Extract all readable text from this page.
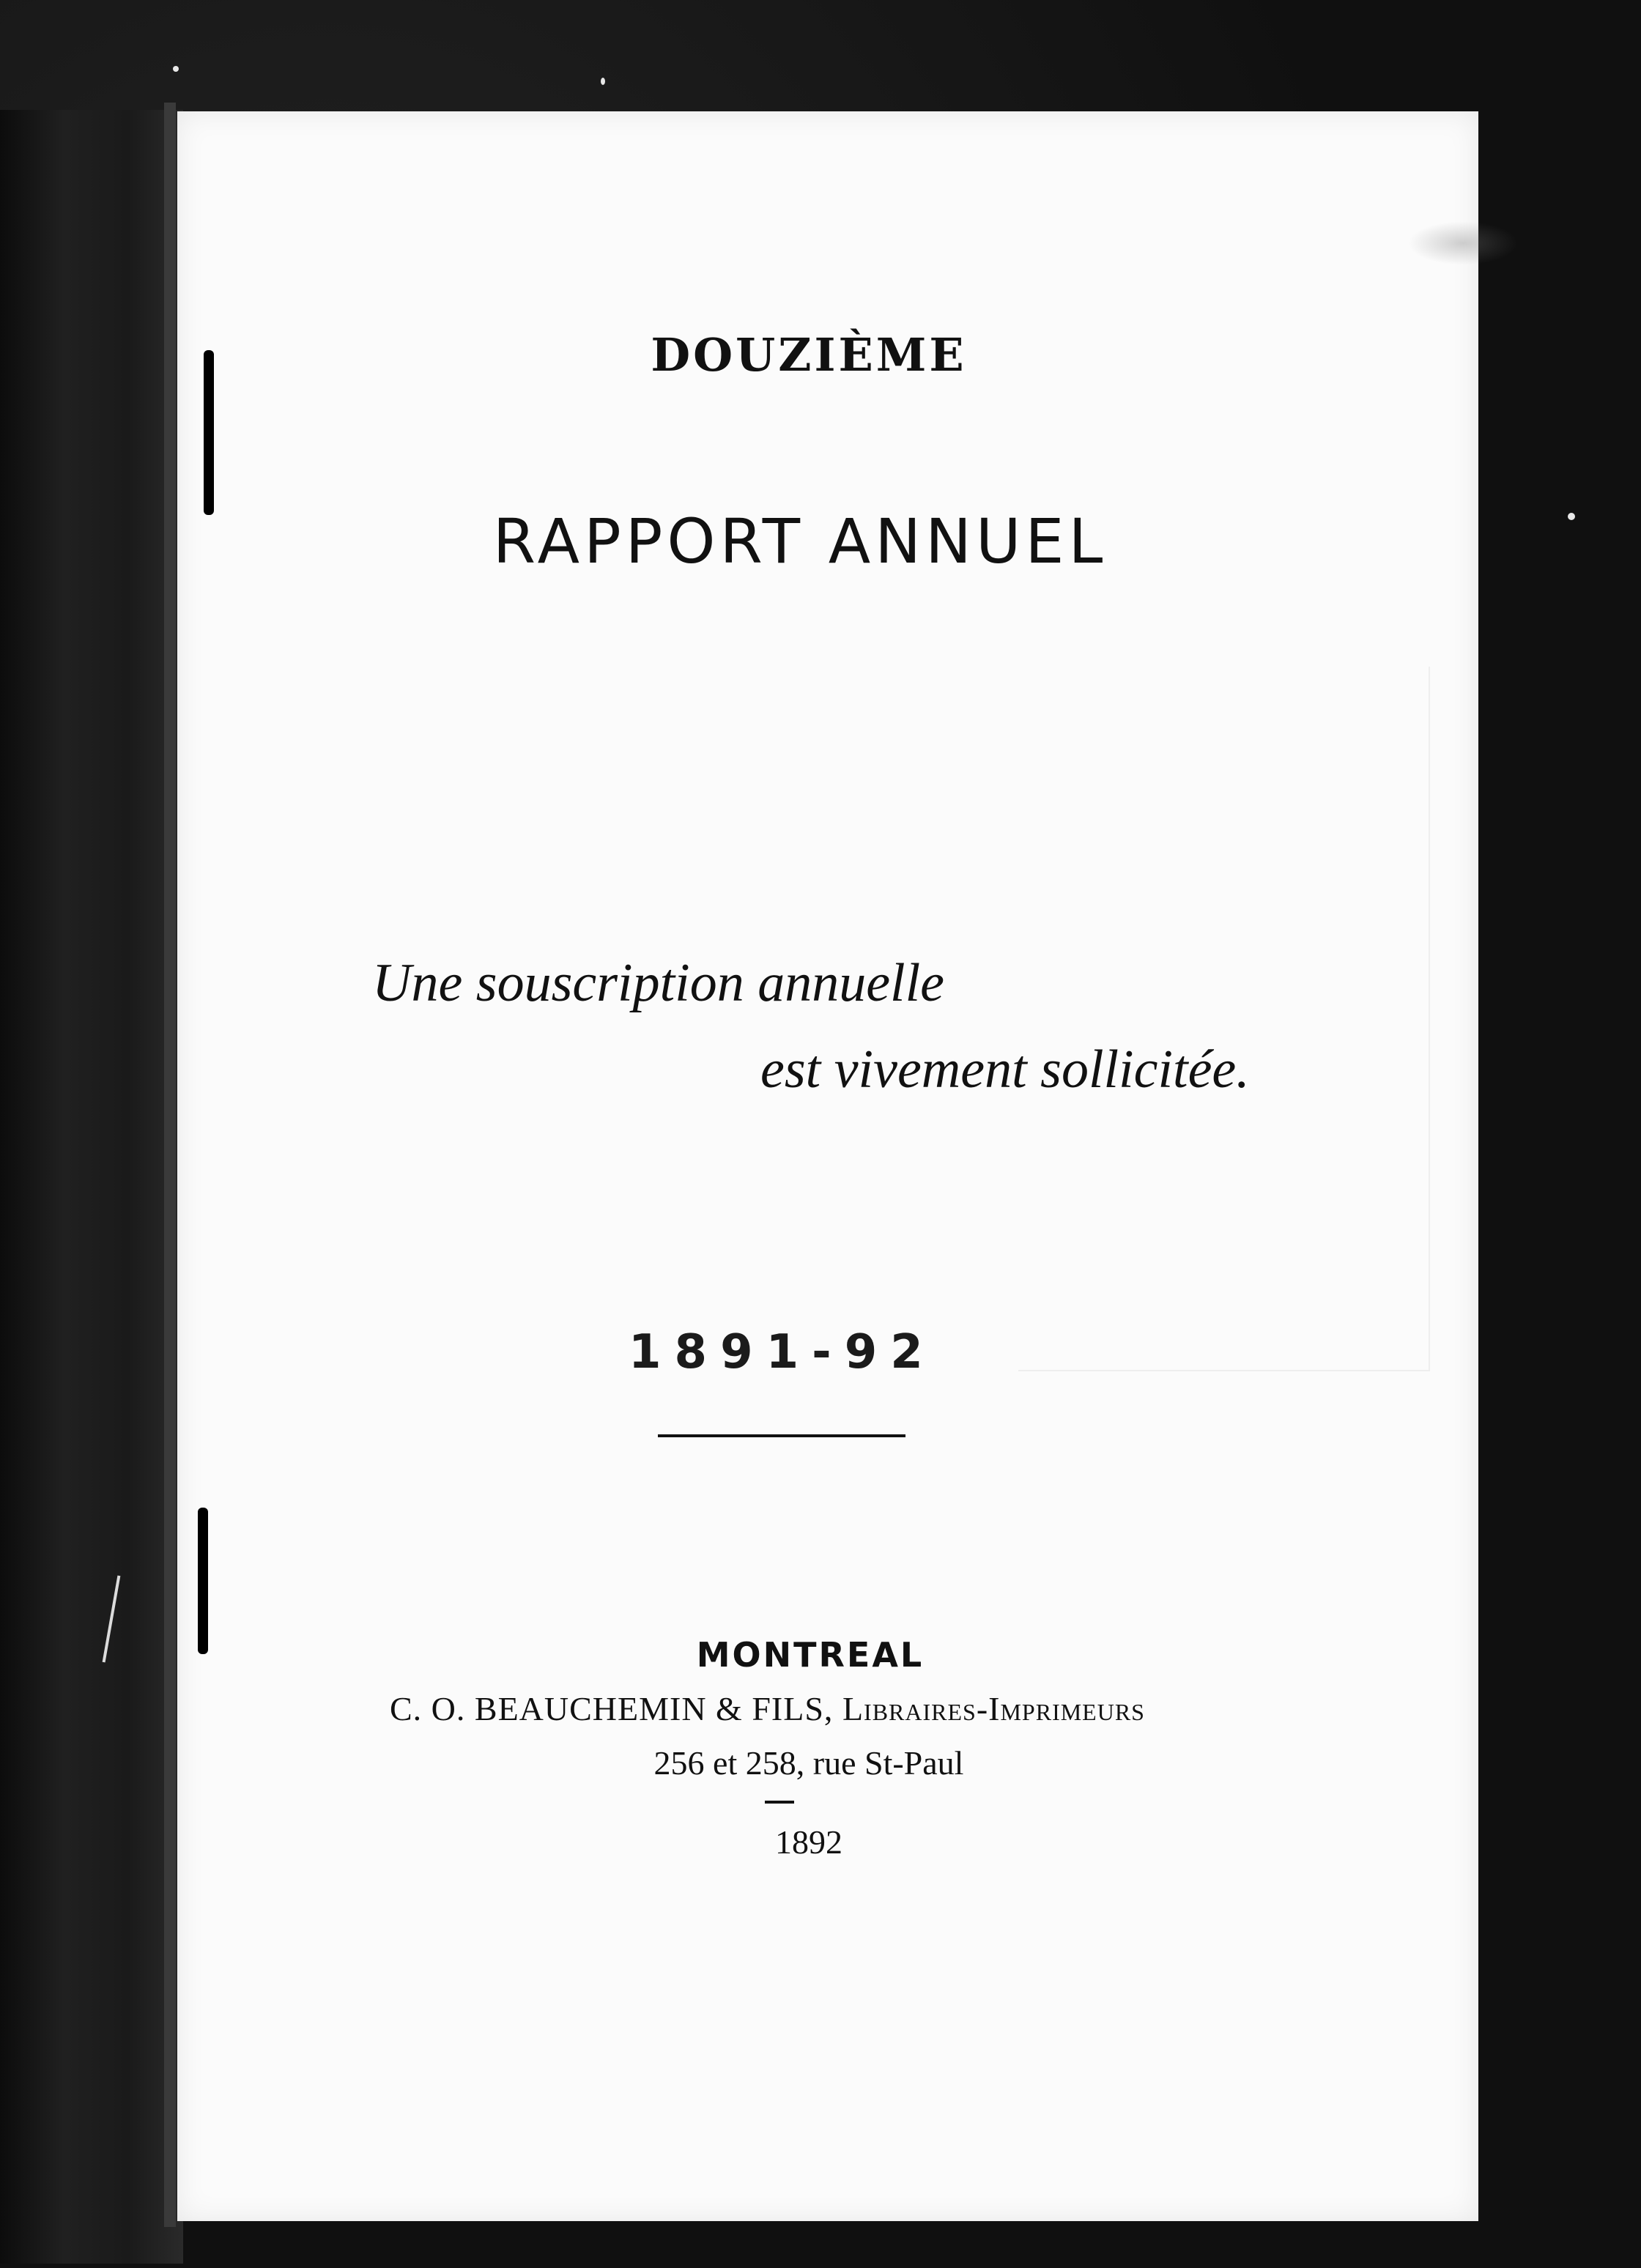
DOUZIÈME
RAPPORT ANNUEL
Une souscription annuelle
est vivement sollicitée.
1891-92
MONTREAL
C. O. BEAUCHEMIN & FILS, Libraires-Imprimeurs
256 et 258, rue St-Paul
1892
